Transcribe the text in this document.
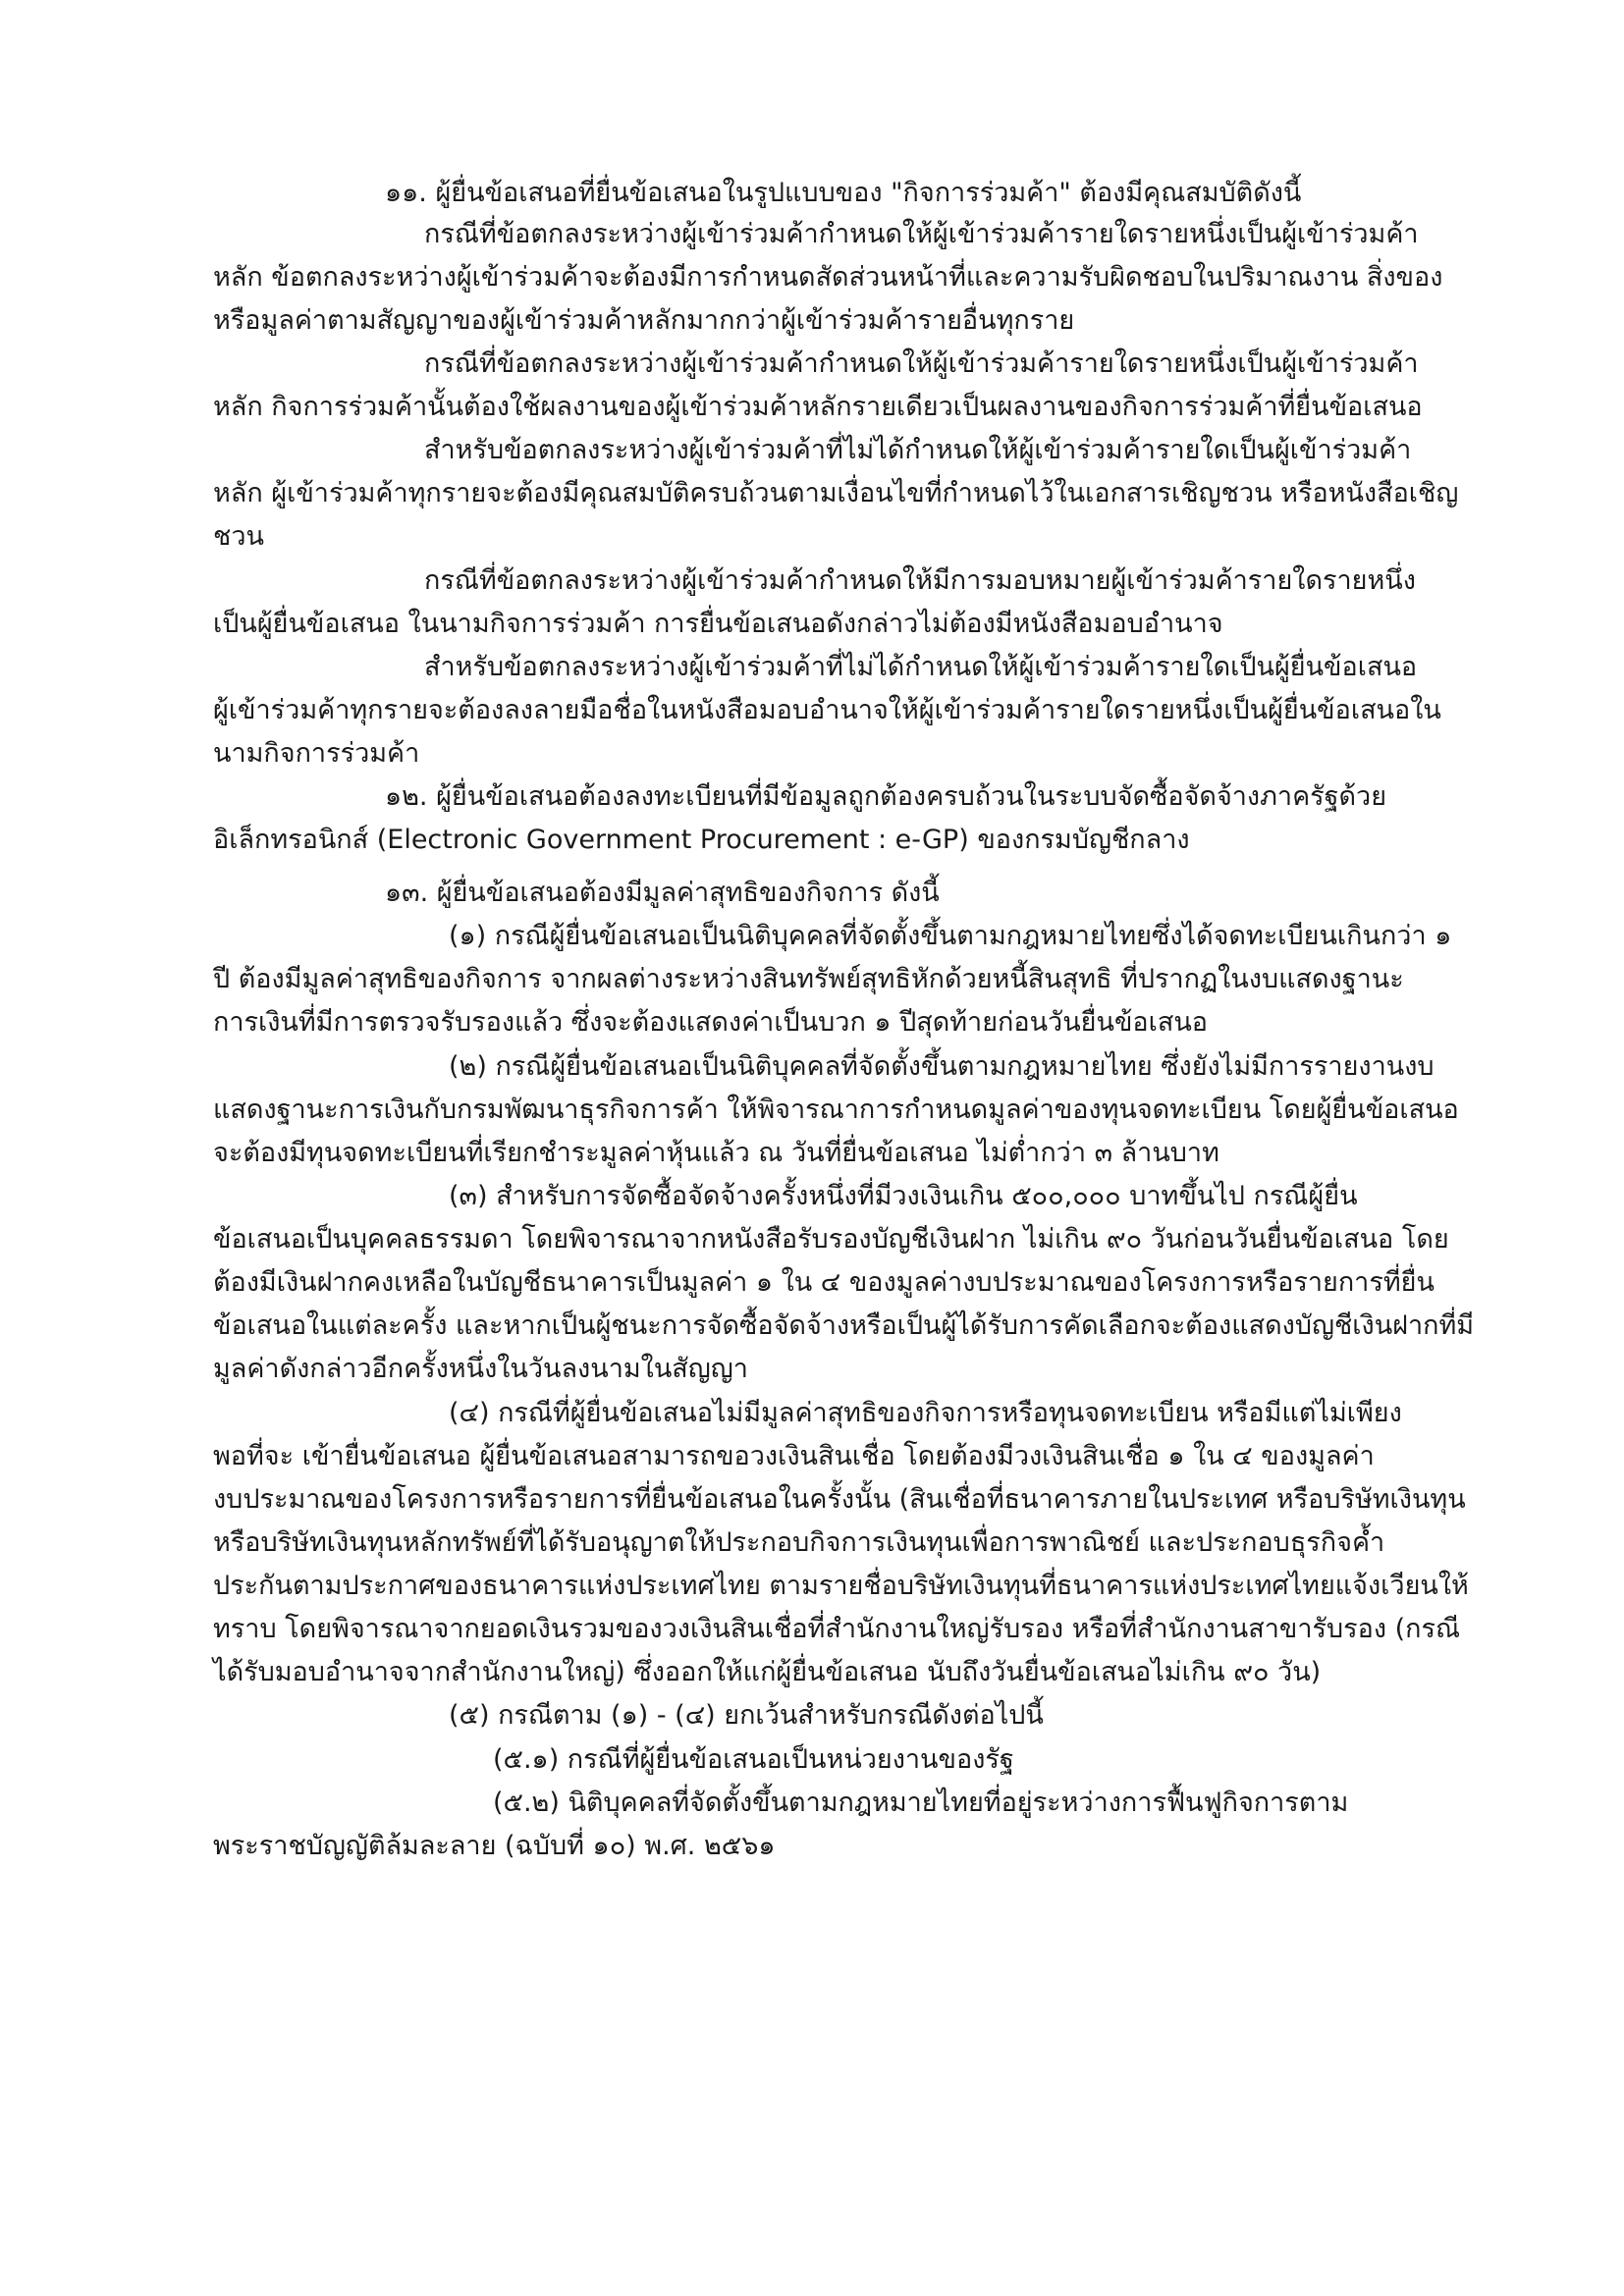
๑๑. ผู้ยื่นข้อเสนอที่ยื่นข้อเสนอในรูปแบบของ "กิจการร่วมค้า" ต้องมีคุณสมบัติดังนี้

กรณีที่ข้อตกลงระหว่างผู้เข้าร่วมค้ากำหนดให้ผู้เข้าร่วมค้ารายใดรายหนึ่งเป็นผู้เข้าร่วมค้า

หลัก ข้อตกลงระหว่างผู้เข้าร่วมค้าจะต้องมีการกำหนดสัดส่วนหน้าที่และความรับผิดชอบในปริมาณงาน สิ่งของ

หรือมูลค่าตามสัญญาของผู้เข้าร่วมค้าหลักมากกว่าผู้เข้าร่วมค้ารายอื่นทุกราย

กรณีที่ข้อตกลงระหว่างผู้เข้าร่วมค้ากำหนดให้ผู้เข้าร่วมค้ารายใดรายหนึ่งเป็นผู้เข้าร่วมค้า

หลัก กิจการร่วมค้านั้นต้องใช้ผลงานของผู้เข้าร่วมค้าหลักรายเดียวเป็นผลงานของกิจการร่วมค้าที่ยื่นข้อเสนอ

สำหรับข้อตกลงระหว่างผู้เข้าร่วมค้าที่ไม่ได้กำหนดให้ผู้เข้าร่วมค้ารายใดเป็นผู้เข้าร่วมค้า

หลัก ผู้เข้าร่วมค้าทุกรายจะต้องมีคุณสมบัติครบถ้วนตามเงื่อนไขที่กำหนดไว้ในเอกสารเชิญชวน หรือหนังสือเชิญ

ชวน

กรณีที่ข้อตกลงระหว่างผู้เข้าร่วมค้ากำหนดให้มีการมอบหมายผู้เข้าร่วมค้ารายใดรายหนึ่ง

เป็นผู้ยื่นข้อเสนอ ในนามกิจการร่วมค้า การยื่นข้อเสนอดังกล่าวไม่ต้องมีหนังสือมอบอำนาจ

สำหรับข้อตกลงระหว่างผู้เข้าร่วมค้าที่ไม่ได้กำหนดให้ผู้เข้าร่วมค้ารายใดเป็นผู้ยื่นข้อเสนอ

ผู้เข้าร่วมค้าทุกรายจะต้องลงลายมือชื่อในหนังสือมอบอำนาจให้ผู้เข้าร่วมค้ารายใดรายหนึ่งเป็นผู้ยื่นข้อเสนอใน

นามกิจการร่วมค้า

๑๒. ผู้ยื่นข้อเสนอต้องลงทะเบียนที่มีข้อมูลถูกต้องครบถ้วนในระบบจัดซื้อจัดจ้างภาครัฐด้วย

อิเล็กทรอนิกส์ (Electronic Government Procurement : e-GP) ของกรมบัญชีกลาง

๑๓. ผู้ยื่นข้อเสนอต้องมีมูลค่าสุทธิของกิจการ ดังนี้

(๑) กรณีผู้ยื่นข้อเสนอเป็นนิติบุคคลที่จัดตั้งขึ้นตามกฎหมายไทยซึ่งได้จดทะเบียนเกินกว่า ๑

ปี ต้องมีมูลค่าสุทธิของกิจการ จากผลต่างระหว่างสินทรัพย์สุทธิหักด้วยหนี้สินสุทธิ ที่ปรากฏในงบแสดงฐานะ

การเงินที่มีการตรวจรับรองแล้ว ซึ่งจะต้องแสดงค่าเป็นบวก ๑ ปีสุดท้ายก่อนวันยื่นข้อเสนอ

(๒) กรณีผู้ยื่นข้อเสนอเป็นนิติบุคคลที่จัดตั้งขึ้นตามกฎหมายไทย ซึ่งยังไม่มีการรายงานงบ

แสดงฐานะการเงินกับกรมพัฒนาธุรกิจการค้า ให้พิจารณาการกำหนดมูลค่าของทุนจดทะเบียน โดยผู้ยื่นข้อเสนอ

จะต้องมีทุนจดทะเบียนที่เรียกชำระมูลค่าหุ้นแล้ว ณ วันที่ยื่นข้อเสนอ ไม่ต่ำกว่า ๓ ล้านบาท

(๓) สำหรับการจัดซื้อจัดจ้างครั้งหนึ่งที่มีวงเงินเกิน ๕๐๐,๐๐๐ บาทขึ้นไป กรณีผู้ยื่น

ข้อเสนอเป็นบุคคลธรรมดา โดยพิจารณาจากหนังสือรับรองบัญชีเงินฝาก ไม่เกิน ๙๐ วันก่อนวันยื่นข้อเสนอ โดย

ต้องมีเงินฝากคงเหลือในบัญชีธนาคารเป็นมูลค่า ๑ ใน ๔ ของมูลค่างบประมาณของโครงการหรือรายการที่ยื่น

ข้อเสนอในแต่ละครั้ง และหากเป็นผู้ชนะการจัดซื้อจัดจ้างหรือเป็นผู้ได้รับการคัดเลือกจะต้องแสดงบัญชีเงินฝากที่มี

มูลค่าดังกล่าวอีกครั้งหนึ่งในวันลงนามในสัญญา

(๔) กรณีที่ผู้ยื่นข้อเสนอไม่มีมูลค่าสุทธิของกิจการหรือทุนจดทะเบียน หรือมีแต่ไม่เพียง

พอที่จะ เข้ายื่นข้อเสนอ ผู้ยื่นข้อเสนอสามารถขอวงเงินสินเชื่อ โดยต้องมีวงเงินสินเชื่อ ๑ ใน ๔ ของมูลค่า

งบประมาณของโครงการหรือรายการที่ยื่นข้อเสนอในครั้งนั้น (สินเชื่อที่ธนาคารภายในประเทศ หรือบริษัทเงินทุน

หรือบริษัทเงินทุนหลักทรัพย์ที่ได้รับอนุญาตให้ประกอบกิจการเงินทุนเพื่อการพาณิชย์ และประกอบธุรกิจค้ำ

ประกันตามประกาศของธนาคารแห่งประเทศไทย ตามรายชื่อบริษัทเงินทุนที่ธนาคารแห่งประเทศไทยแจ้งเวียนให้

ทราบ โดยพิจารณาจากยอดเงินรวมของวงเงินสินเชื่อที่สำนักงานใหญ่รับรอง หรือที่สำนักงานสาขารับรอง (กรณี

ได้รับมอบอำนาจจากสำนักงานใหญ่) ซึ่งออกให้แก่ผู้ยื่นข้อเสนอ นับถึงวันยื่นข้อเสนอไม่เกิน ๙๐ วัน)

(๕) กรณีตาม (๑) - (๔) ยกเว้นสำหรับกรณีดังต่อไปนี้

(๕.๑) กรณีที่ผู้ยื่นข้อเสนอเป็นหน่วยงานของรัฐ

(๕.๒) นิติบุคคลที่จัดตั้งขึ้นตามกฎหมายไทยที่อยู่ระหว่างการฟื้นฟูกิจการตาม

พระราชบัญญัติล้มละลาย (ฉบับที่ ๑๐) พ.ศ. ๒๕๖๑
